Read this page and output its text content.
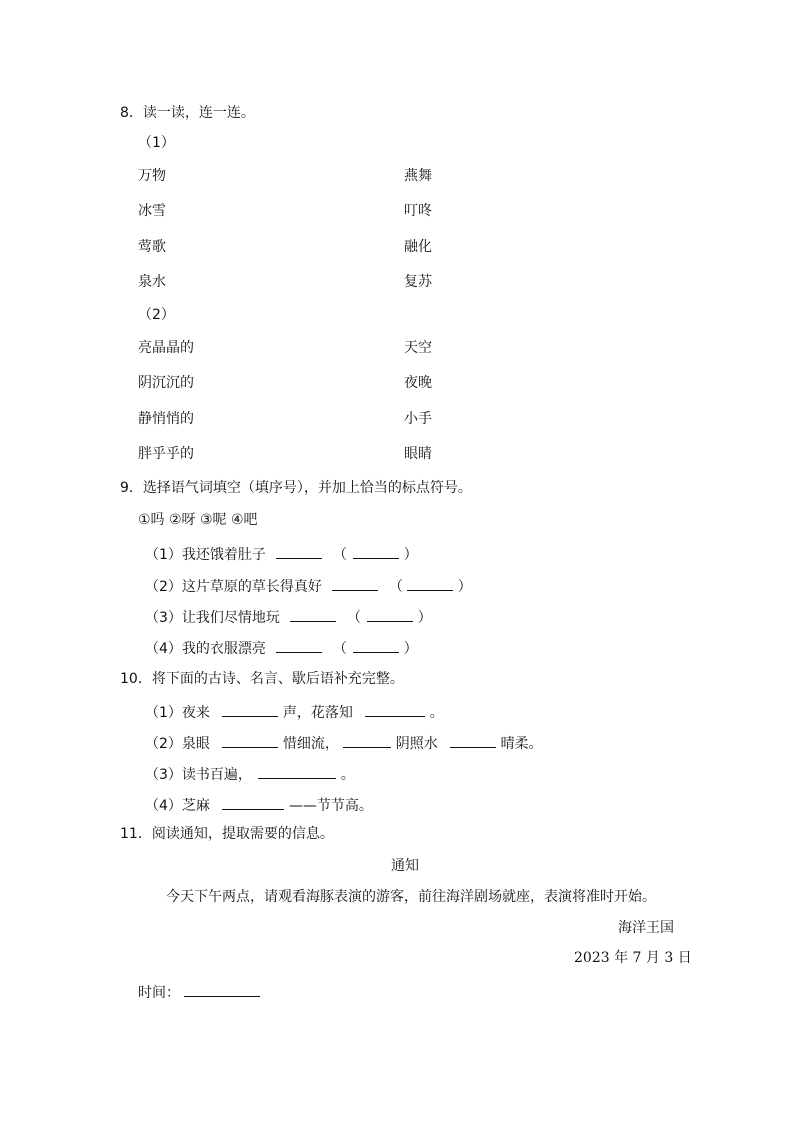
8．读一读，连一连。
（1）
万物	燕舞
冰雪	叮咚
莺歌	融化
泉水	复苏
（2）
亮晶晶的	天空
阴沉沉的	夜晚
静悄悄的	小手
胖乎乎的	眼睛
9．选择语气词填空（填序号），并加上恰当的标点符号。
①吗 ②呀 ③呢 ④吧
（1）我还饿着肚子	（	）
（2）这片草原的草长得真好	（	）
（3）让我们尽情地玩	（	）
（4）我的衣服漂亮	（	）
10．将下面的古诗、名言、歇后语补充完整。
（1）夜来	声，花落知	。
（2）泉眼	惜细流，	阴照水	晴柔。
（3）读书百遍，	。
（4）芝麻	——节节高。
11．阅读通知，提取需要的信息。
通知
今天下午两点，请观看海豚表演的游客，前往海洋剧场就座，表演将准时开始。
海洋王国
2023 年 7 月 3 日
时间：
